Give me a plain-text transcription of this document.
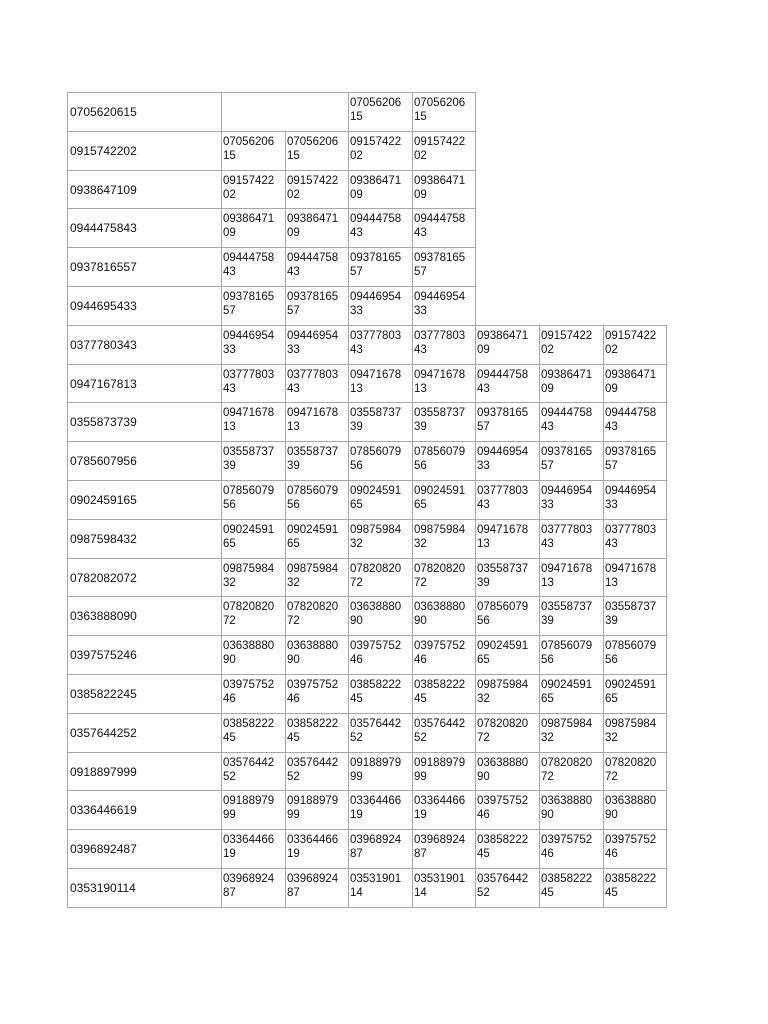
0705620615
07056206
15
07056206
15
0915742202
07056206
15
07056206
15
09157422
02
09157422
02
0938647109
09157422
02
09157422
02
09386471
09
09386471
09
0944475843
09386471
09
09386471
09
09444758
43
09444758
43
0937816557
09444758
43
09444758
43
09378165
57
09378165
57
0944695433
09378165
57
09378165
57
09446954
33
09446954
33
0377780343
09446954
33
09446954
33
03777803
43
03777803
43
09386471
09
09157422
02
09157422
02
0947167813
03777803
43
03777803
43
09471678
13
09471678
13
09444758
43
09386471
09
09386471
09
0355873739
09471678
13
09471678
13
03558737
39
03558737
39
09378165
57
09444758
43
09444758
43
0785607956
03558737
39
03558737
39
07856079
56
07856079
56
09446954
33
09378165
57
09378165
57
0902459165
07856079
56
07856079
56
09024591
65
09024591
65
03777803
43
09446954
33
09446954
33
0987598432
09024591
65
09024591
65
09875984
32
09875984
32
09471678
13
03777803
43
03777803
43
0782082072
09875984
32
09875984
32
07820820
72
07820820
72
03558737
39
09471678
13
09471678
13
0363888090
07820820
72
07820820
72
03638880
90
03638880
90
07856079
56
03558737
39
03558737
39
0397575246
03638880
90
03638880
90
03975752
46
03975752
46
09024591
65
07856079
56
07856079
56
0385822245
03975752
46
03975752
46
03858222
45
03858222
45
09875984
32
09024591
65
09024591
65
0357644252
03858222
45
03858222
45
03576442
52
03576442
52
07820820
72
09875984
32
09875984
32
0918897999
03576442
52
03576442
52
09188979
99
09188979
99
03638880
90
07820820
72
07820820
72
0336446619
09188979
99
09188979
99
03364466
19
03364466
19
03975752
46
03638880
90
03638880
90
0396892487
03364466
19
03364466
19
03968924
87
03968924
87
03858222
45
03975752
46
03975752
46
0353190114
03968924
87
03968924
87
03531901
14
03531901
14
03576442
52
03858222
45
03858222
45
